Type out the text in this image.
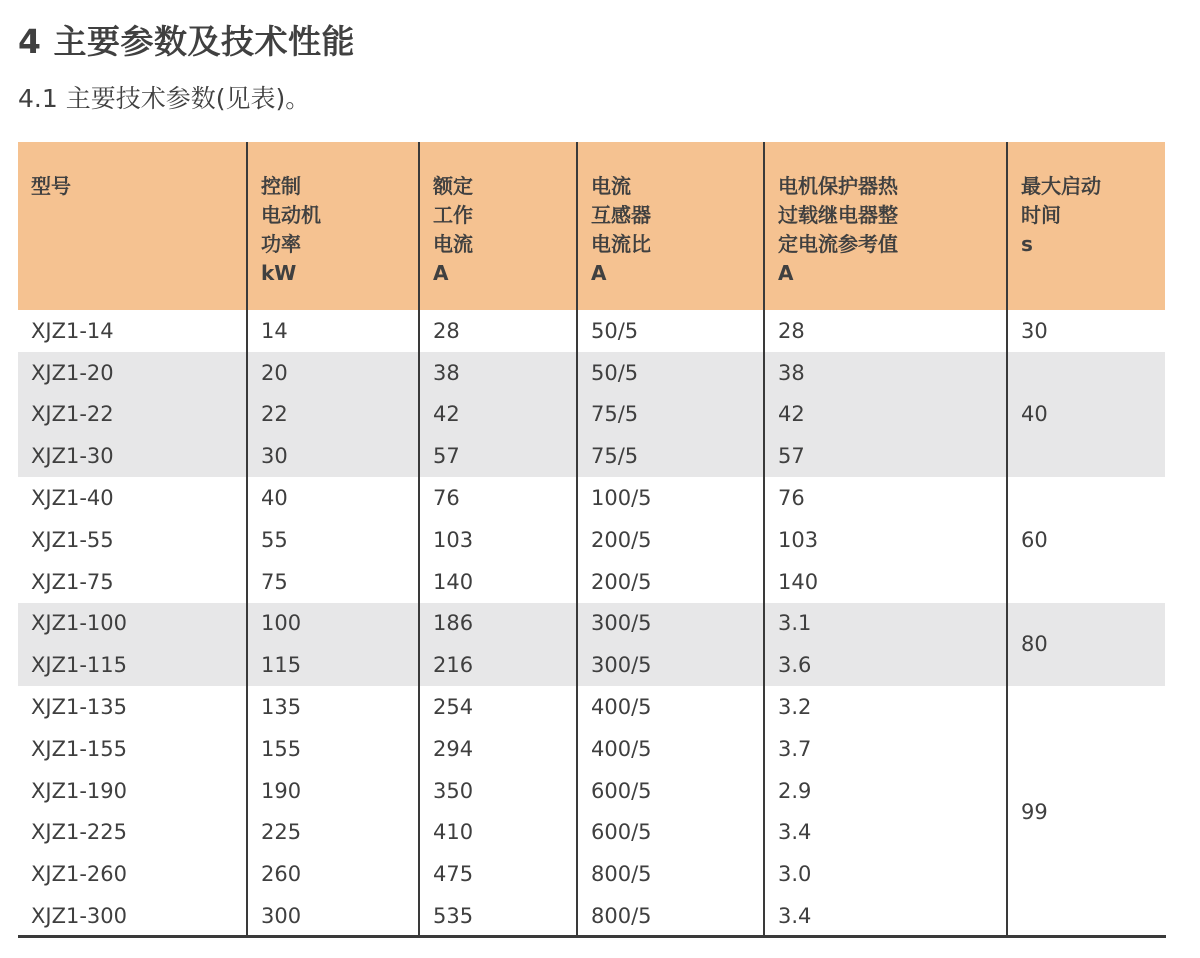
4 主要参数及技术性能
4.1 主要技术参数(见表)。
型号	控制
电动机
功率
kW	额定
工作
电流
A	电流
互感器
电流比
A	电机保护器热
过载继电器整
定电流参考值
A	最大启动
时间
s

XJZ1-14	14	28	50/5	28	30
XJZ1-20	20	38	50/5	38	40
XJZ1-22	22	42	75/5	42	
XJZ1-30	30	57	75/5	57	
XJZ1-40	40	76	100/5	76	60
XJZ1-55	55	103	200/5	103	
XJZ1-75	75	140	200/5	140	
XJZ1-100	100	186	300/5	3.1	80
XJZ1-115	115	216	300/5	3.6	
XJZ1-135	135	254	400/5	3.2	99
XJZ1-155	155	294	400/5	3.7	
XJZ1-190	190	350	600/5	2.9	
XJZ1-225	225	410	600/5	3.4	
XJZ1-260	260	475	800/5	3.0	
XJZ1-300	300	535	800/5	3.4	
